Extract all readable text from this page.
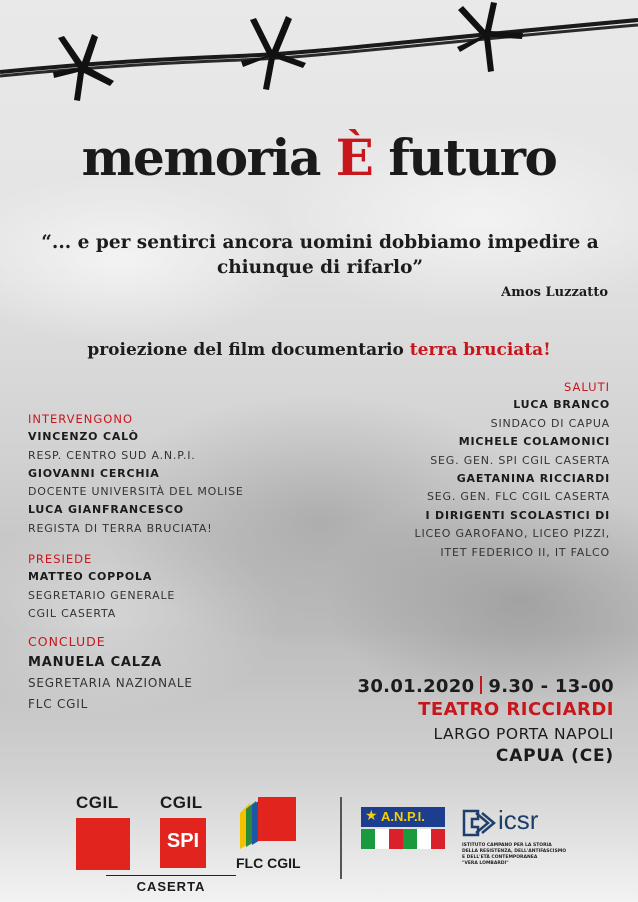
memoria È futuro
“... e per sentirci ancora uomini dobbiamo impedire a chiunque di rifarlo”
Amos Luzzatto
proiezione del film documentario terra bruciata!
INTERVENGONO
VINCENZO CALÒ
RESP. CENTRO SUD A.N.P.I.
GIOVANNI CERCHIA
DOCENTE UNIVERSITÀ DEL MOLISE
LUCA GIANFRANCESCO
REGISTA DI TERRA BRUCIATA!
PRESIEDE
MATTEO COPPOLA
SEGRETARIO GENERALE
CGIL CASERTA
CONCLUDE
MANUELA CALZA
SEGRETARIA NAZIONALE
FLC CGIL
SALUTI
LUCA BRANCO
SINDACO DI CAPUA
MICHELE COLAMONICI
SEG. GEN. SPI CGIL CASERTA
GAETANINA RICCIARDI
SEG. GEN. FLC CGIL CASERTA
I DIRIGENTI SCOLASTICI DI
LICEO GAROFANO, LICEO PIZZI,
ITET FEDERICO II, IT FALCO
30.01.2020 9.30 - 13-00
TEATRO RICCIARDI
LARGO PORTA NAPOLI
CAPUA (CE)
CGIL	CGIL
SPI
FLC CGIL
CASERTA
★ A.N.P.I.	icsr
ISTITUTO CAMPANO PER LA STORIA
DELLA RESISTENZA, DELL'ANTIFASCISMO
E DELL'ETÀ CONTEMPORANEA
"VERA LOMBARDI"
